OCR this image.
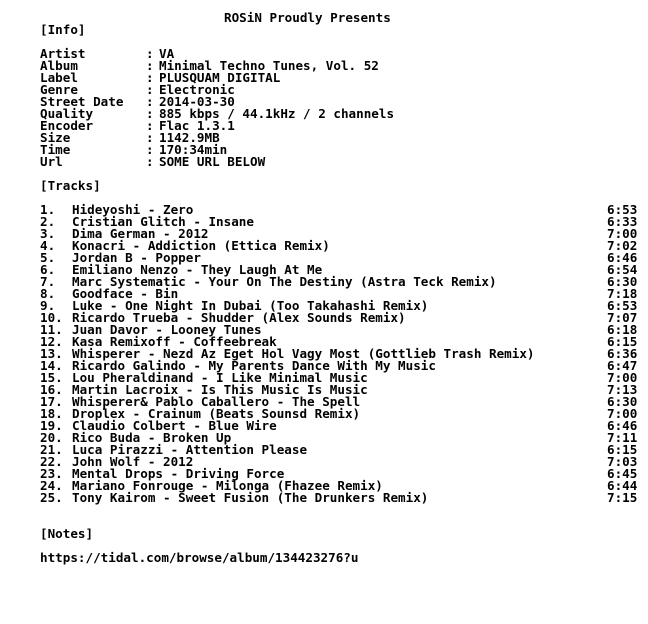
ROSiN Proudly Presents
[Info]
Artist	: VA
Album	: Minimal Techno Tunes, Vol. 52
Label	: PLUSQUAM DIGITAL
Genre	: Electronic
Street Date : 2014-03-30
Quality	: 885 kbps / 44.1kHz / 2 channels
Encoder	: Flac 1.3.1
Size	: 1142.9MB
Time	: 170:34min
Url	: SOME URL BELOW
[Tracks]
1. Hideyoshi - Zero	6:53
2. Cristian Glitch - Insane	6:33
3. Dima German - 2012	7:00
4. Konacri - Addiction (Ettica Remix)	7:02
5. Jordan B - Popper	6:46
6. Emiliano Nenzo - They Laugh At Me	6:54
7. Marc Systematic - Your On The Destiny (Astra Teck Remix)	6:30
8. Goodface - Bin	7:18
9. Luke - One Night In Dubai (Too Takahashi Remix)	6:53
10. Ricardo Trueba - Shudder (Alex Sounds Remix)	7:07
11. Juan Davor - Looney Tunes	6:18
12. Kasa Remixoff - Coffeebreak	6:15
13. Whisperer - Nezd Az Eget Hol Vagy Most (Gottlieb Trash Remix)	6:36
14. Ricardo Galindo - My Parents Dance With My Music	6:47
15. Lou Pheraldinand - I Like Minimal Music	7:00
16. Martin Lacroix - Is This Music Is Music	7:13
17. Whisperer& Pablo Caballero - The Spell	6:30
18. Droplex - Crainum (Beats Sounsd Remix)	7:00
19. Claudio Colbert - Blue Wire	6:46
20. Rico Buda - Broken Up	7:11
21. Luca Pirazzi - Attention Please	6:15
22. John Wolf - 2012	7:03
23. Mental Drops - Driving Force	6:45
24. Mariano Fonrouge - Milonga (Fhazee Remix)	6:44
25. Tony Kairom - Sweet Fusion (The Drunkers Remix)	7:15
[Notes]
https://tidal.com/browse/album/134423276?u
